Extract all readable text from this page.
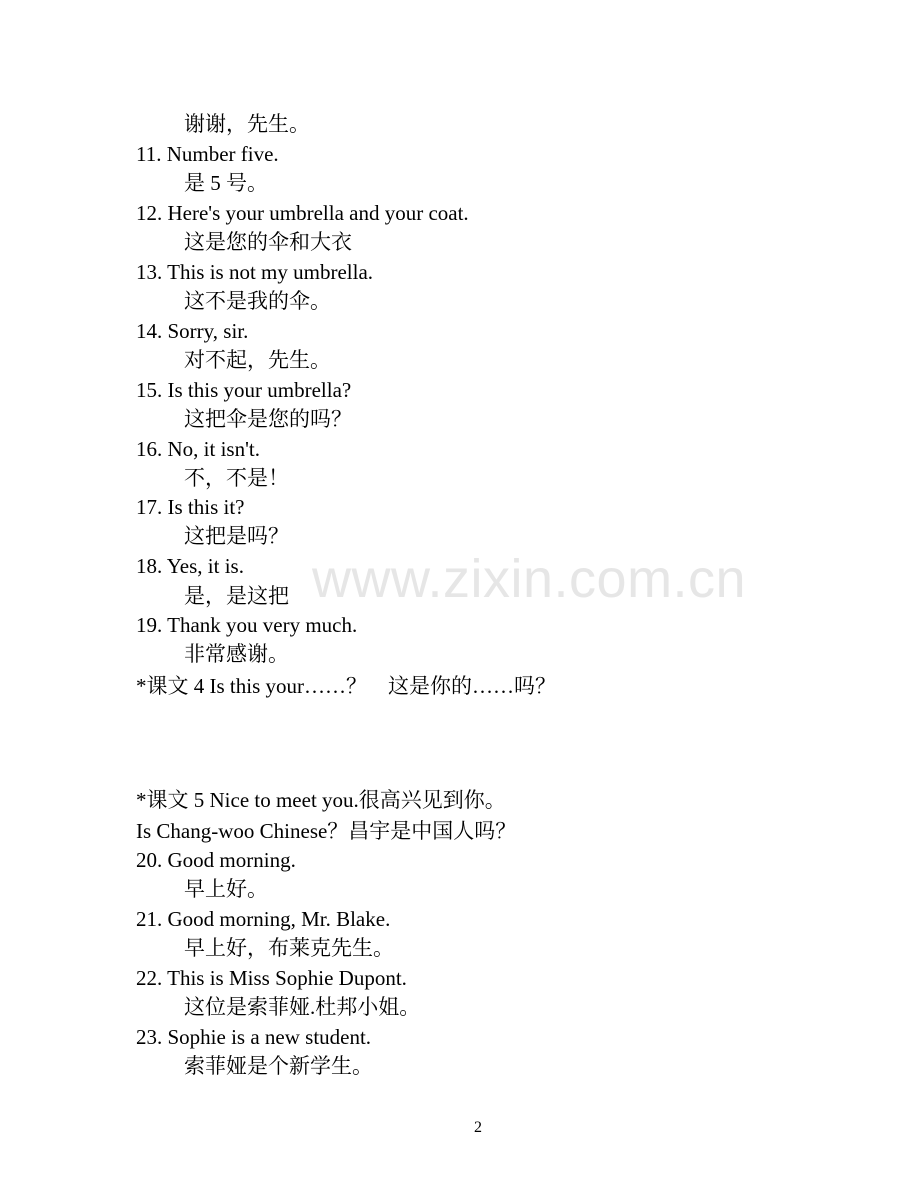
www.zixin.com.cn
谢谢，先生。
11. Number five.
是 5 号。
12. Here's your umbrella and your coat.
这是您的伞和大衣
13. This is not my umbrella.
这不是我的伞。
14. Sorry, sir.
对不起，先生。
15. Is this your umbrella?
这把伞是您的吗？
16. No, it isn't.
不，不是！
17. Is this it?
这把是吗？
18. Yes, it is.
是，是这把
19. Thank you very much.
非常感谢。
*课文 4 Is this your……？　这是你的……吗？
*课文 5 Nice to meet you.很高兴见到你。
Is Chang-woo Chinese？昌宇是中国人吗？
20. Good morning.
早上好。
21. Good morning, Mr. Blake.
早上好，布莱克先生。
22. This is Miss Sophie Dupont.
这位是索菲娅.杜邦小姐。
23. Sophie is a new student.
索菲娅是个新学生。
2
